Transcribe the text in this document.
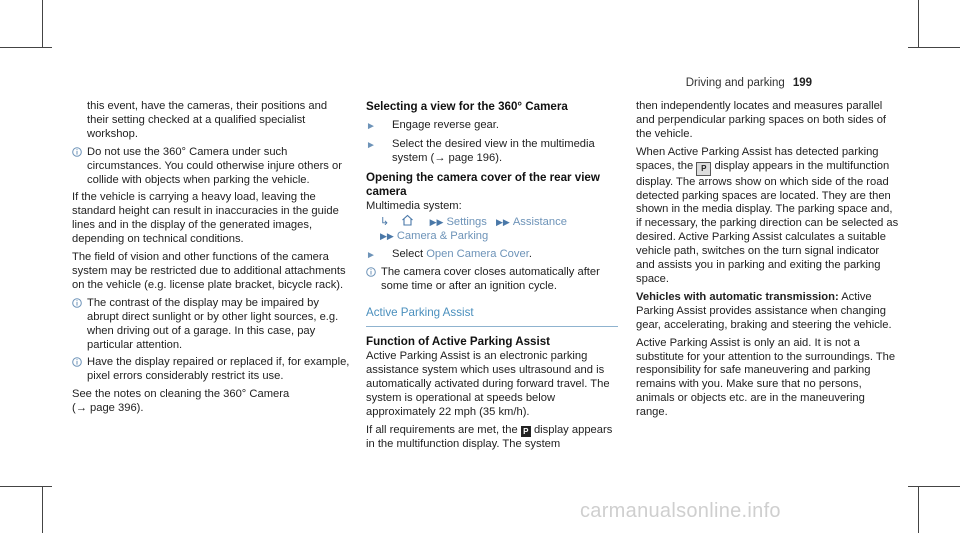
Driving and parking 199

this event, have the cameras, their positions and their setting checked at a qualified specialist workshop.

Do not use the 360° Camera under such circumstances. You could otherwise injure others or collide with objects when parking the vehicle.

If the vehicle is carrying a heavy load, leaving the standard height can result in inaccuracies in the guide lines and in the display of the generated images, depending on technical conditions.

The field of vision and other functions of the camera system may be restricted due to additional attachments on the vehicle (e.g. license plate bracket, bicycle rack).

The contrast of the display may be impaired by abrupt direct sunlight or by other light sources, e.g. when driving out of a garage. In this case, pay particular attention.
Have the display repaired or replaced if, for example, pixel errors considerably restrict its use.

See the notes on cleaning the 360° Camera
(→ page 396).

Selecting a view for the 360° Camera
► Engage reverse gear.
► Select the desired view in the multimedia
system (→ page 196).
Opening the camera cover of the rear view camera

Multimedia system:

↳	▶▶ Settings ▶▶ Assistance
▶▶ Camera & Parking
► Select Open Camera Cover.
The camera cover closes automatically after some time or after an ignition cycle.
Active Parking Assist
Function of Active Parking Assist

Active Parking Assist is an electronic parking assistance system which uses ultrasound and is automatically activated during forward travel. The system is operational at speeds below approximately 22 mph (35 km/h).

If all requirements are met, the P display appears in the multifunction display. The system

then independently locates and measures parallel and perpendicular parking spaces on both sides of the vehicle.

When Active Parking Assist has detected parking spaces, the P display appears in the multifunction display. The arrows show on which side of the road detected parking spaces are located. They are then shown in the media display. The parking space and, if necessary, the parking direction can be selected as desired. Active Parking Assist calculates a suitable vehicle path, switches on the turn signal indicator and assists you in parking and exiting the parking space.

Vehicles with automatic transmission: Active Parking Assist provides assistance when changing gear, accelerating, braking and steering the vehicle.

Active Parking Assist is only an aid. It is not a substitute for your attention to the surroundings. The responsibility for safe maneuvering and parking remains with you. Make sure that no persons, animals or objects etc. are in the maneuvering range.

carmanualsonline.info
